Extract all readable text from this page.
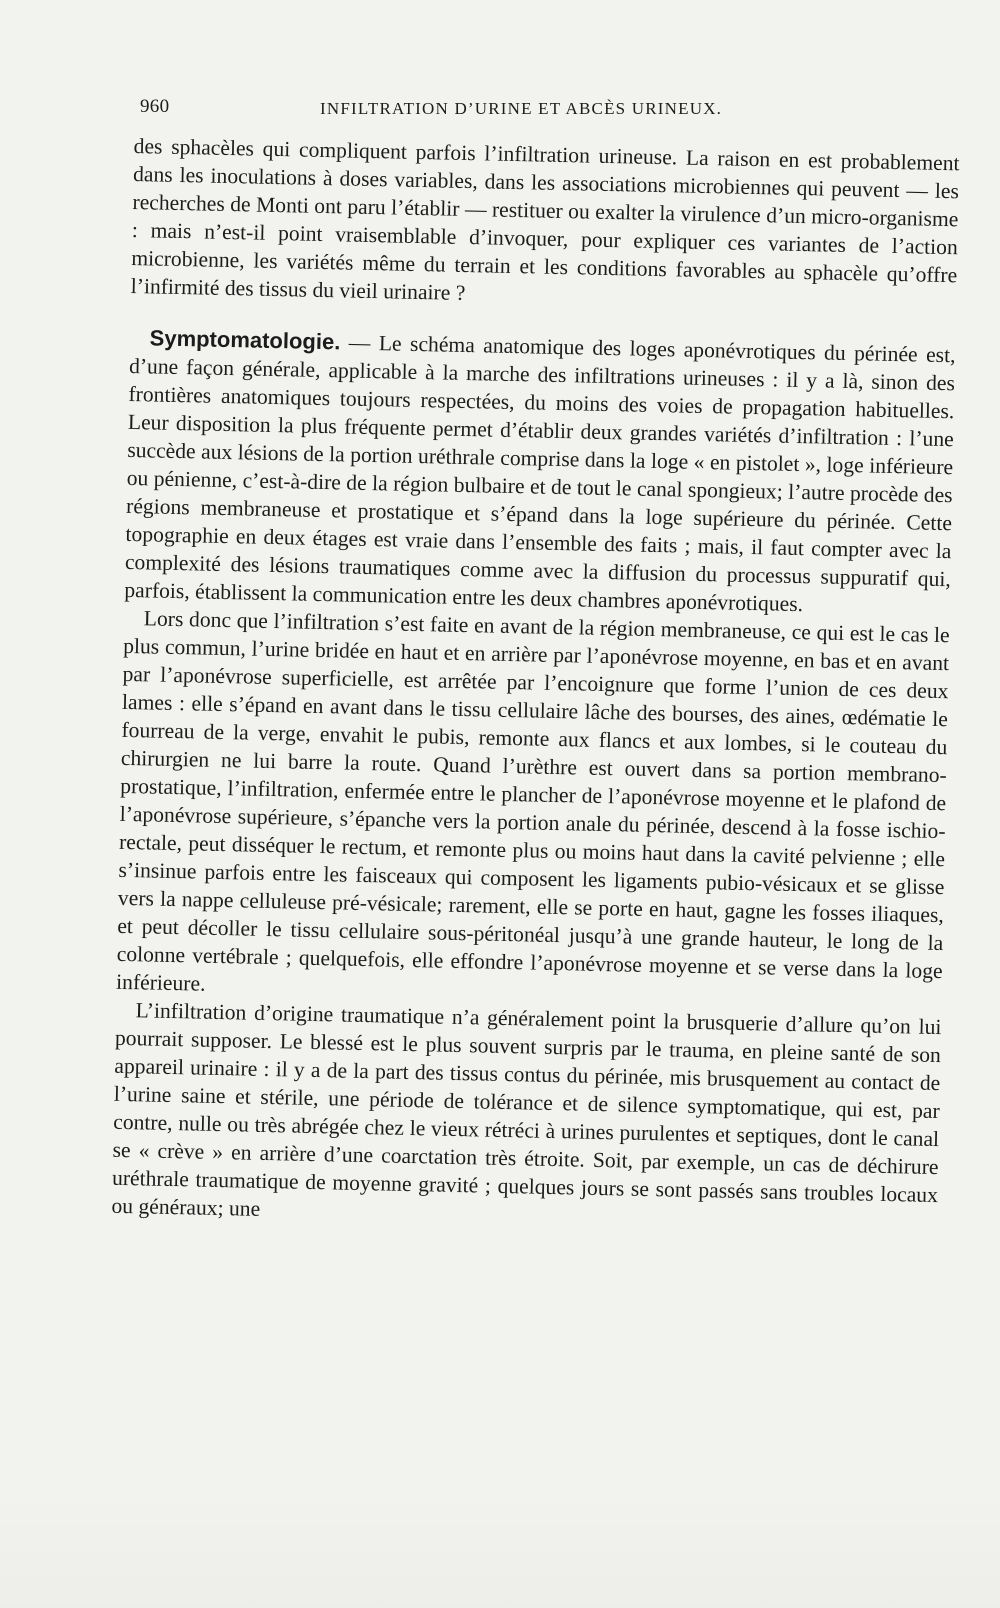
960	INFILTRATION D’URINE ET ABCÈS URINEUX.

des sphacèles qui compliquent parfois l’infiltration urineuse. La raison en est probablement dans les inoculations à doses variables, dans les associations microbiennes qui peuvent — les recherches de Monti ont paru l’établir — restituer ou exalter la virulence d’un micro-organisme : mais n’est-il point vraisemblable d’invoquer, pour expliquer ces variantes de l’action microbienne, les variétés même du terrain et les conditions favorables au sphacèle qu’offre l’infirmité des tissus du vieil urinaire ?

Symptomatologie. — Le schéma anatomique des loges aponévrotiques du périnée est, d’une façon générale, applicable à la marche des infiltrations urineuses : il y a là, sinon des frontières anatomiques toujours respectées, du moins des voies de propagation habituelles. Leur disposition la plus fréquente permet d’établir deux grandes variétés d’infiltration : l’une succède aux lésions de la portion uréthrale comprise dans la loge « en pistolet », loge inférieure ou pénienne, c’est-à-dire de la région bulbaire et de tout le canal spongieux; l’autre procède des régions membraneuse et prostatique et s’épand dans la loge supérieure du périnée. Cette topographie en deux étages est vraie dans l’ensemble des faits ; mais, il faut compter avec la complexité des lésions traumatiques comme avec la diffusion du processus suppuratif qui, parfois, établissent la communication entre les deux chambres aponévrotiques.

Lors donc que l’infiltration s’est faite en avant de la région membraneuse, ce qui est le cas le plus commun, l’urine bridée en haut et en arrière par l’aponévrose moyenne, en bas et en avant par l’aponévrose superficielle, est arrêtée par l’encoignure que forme l’union de ces deux lames : elle s’épand en avant dans le tissu cellulaire lâche des bourses, des aines, œdématie le fourreau de la verge, envahit le pubis, remonte aux flancs et aux lombes, si le couteau du chirurgien ne lui barre la route. Quand l’urèthre est ouvert dans sa portion membrano-prostatique, l’infiltration, enfermée entre le plancher de l’aponévrose moyenne et le plafond de l’aponévrose supérieure, s’épanche vers la portion anale du périnée, descend à la fosse ischio-rectale, peut disséquer le rectum, et remonte plus ou moins haut dans la cavité pelvienne ; elle s’insinue parfois entre les faisceaux qui composent les ligaments pubio-vésicaux et se glisse vers la nappe celluleuse pré-vésicale; rarement, elle se porte en haut, gagne les fosses iliaques, et peut décoller le tissu cellulaire sous-péritonéal jusqu’à une grande hauteur, le long de la colonne vertébrale ; quelquefois, elle effondre l’aponévrose moyenne et se verse dans la loge inférieure.

L’infiltration d’origine traumatique n’a généralement point la brusquerie d’allure qu’on lui pourrait supposer. Le blessé est le plus souvent surpris par le trauma, en pleine santé de son appareil urinaire : il y a de la part des tissus contus du périnée, mis brusquement au contact de l’urine saine et stérile, une période de tolérance et de silence symptomatique, qui est, par contre, nulle ou très abrégée chez le vieux rétréci à urines purulentes et septiques, dont le canal se « crève » en arrière d’une coarctation très étroite. Soit, par exemple, un cas de déchirure uréthrale traumatique de moyenne gravité ; quelques jours se sont passés sans troubles locaux ou généraux; une
